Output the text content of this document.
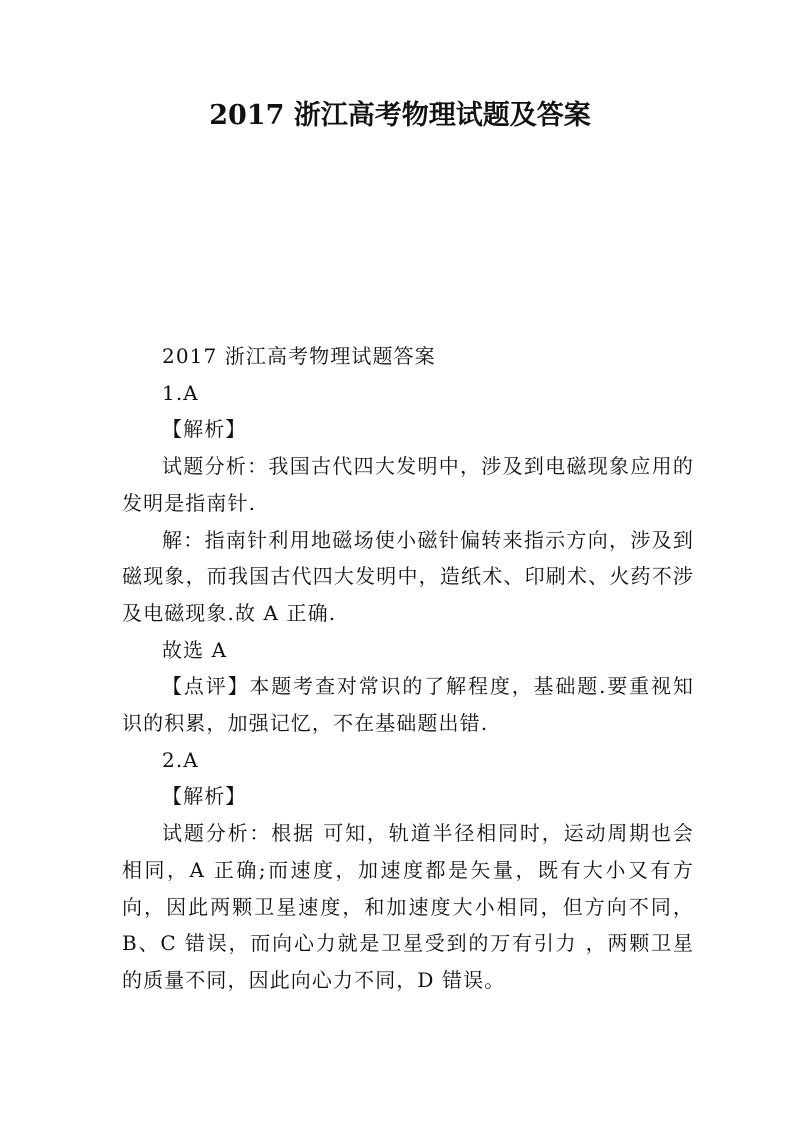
2017 浙江高考物理试题及答案

2017 浙江高考物理试题答案

1.A

【解析】

试题分析：我国古代四大发明中，涉及到电磁现象应用的发明是指南针.

解：指南针利用地磁场使小磁针偏转来指示方向，涉及到磁现象，而我国古代四大发明中，造纸术、印刷术、火药不涉及电磁现象.故 A 正确.

故选 A

【点评】本题考查对常识的了解程度，基础题.要重视知识的积累，加强记忆，不在基础题出错.

2.A

【解析】

试题分析：根据 可知，轨道半径相同时，运动周期也会相同，A 正确;而速度，加速度都是矢量，既有大小又有方向，因此两颗卫星速度，和加速度大小相同，但方向不同，B、C 错误，而向心力就是卫星受到的万有引力 ，两颗卫星的质量不同，因此向心力不同，D 错误。
